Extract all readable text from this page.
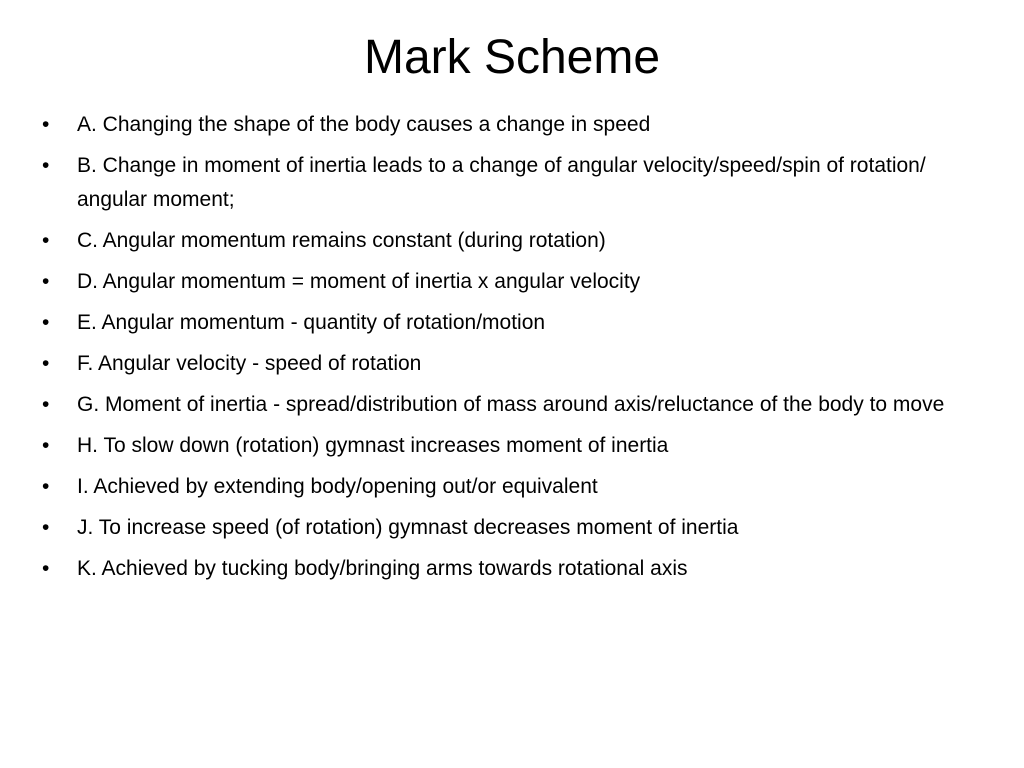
Mark Scheme
• A. Changing the shape of the body causes a change in speed
• B. Change in moment of inertia leads to a change of angular velocity/speed/spin of rotation/ angular moment;
• C. Angular momentum remains constant (during rotation)
• D. Angular momentum = moment of inertia x angular velocity
• E. Angular momentum - quantity of rotation/motion
• F. Angular velocity - speed of rotation
• G. Moment of inertia - spread/distribution of mass around axis/reluctance of the body to move
• H. To slow down (rotation) gymnast increases moment of inertia
• I. Achieved by extending body/opening out/or equivalent
• J. To increase speed (of rotation) gymnast decreases moment of inertia
• K. Achieved by tucking body/bringing arms towards rotational axis
